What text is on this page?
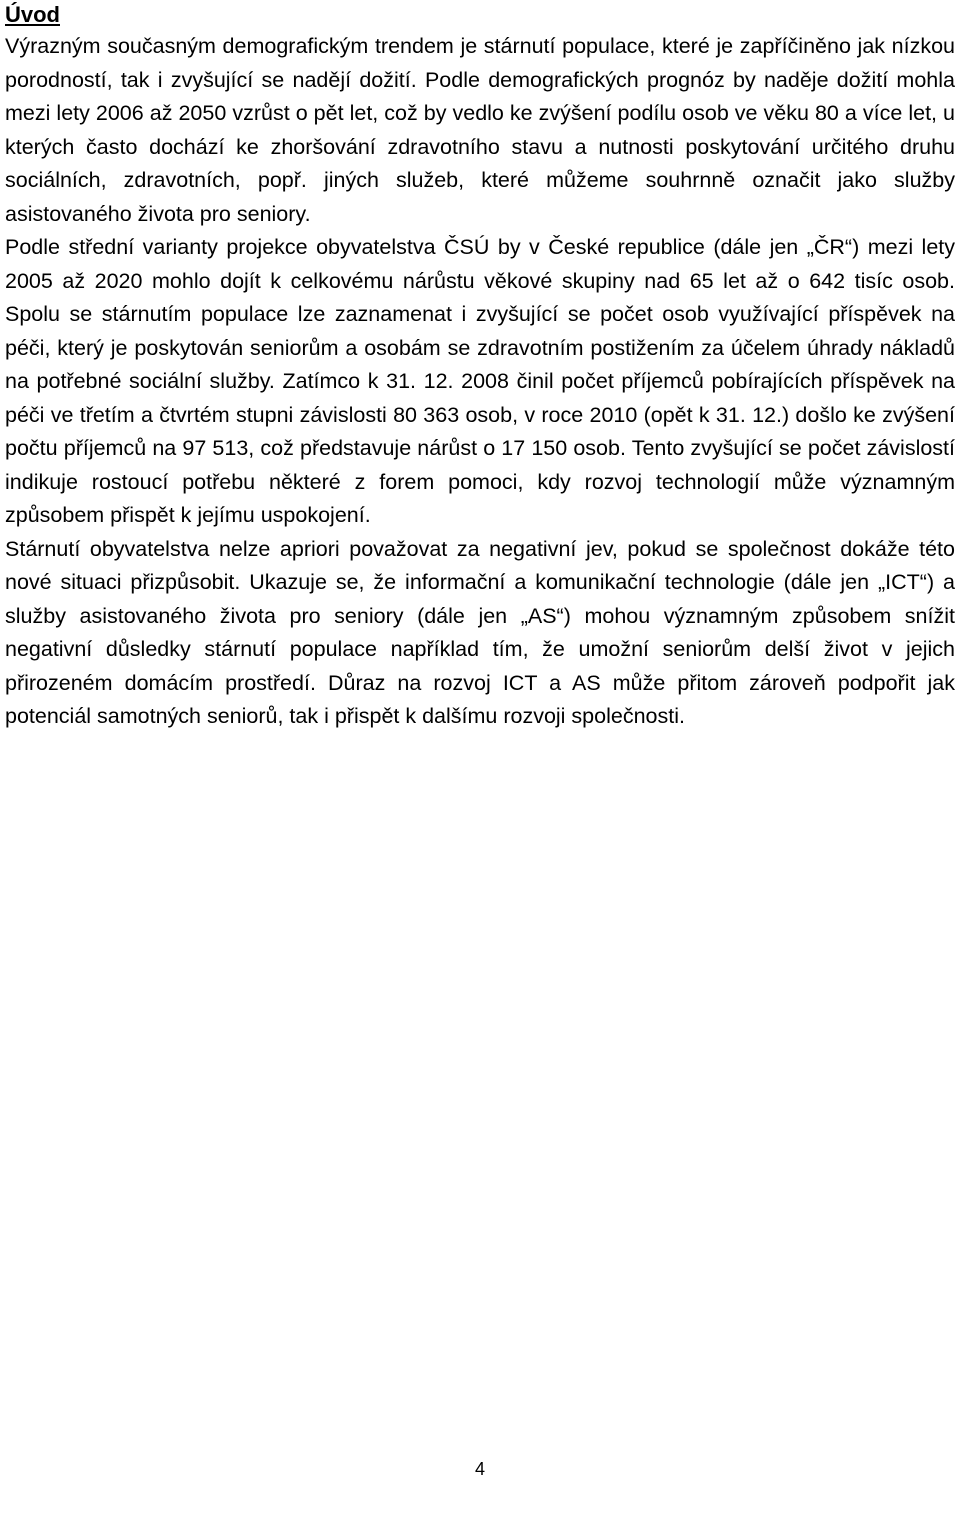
Úvod

Výrazným současným demografickým trendem je stárnutí populace, které je zapříčiněno jak nízkou porodností, tak i zvyšující se nadějí dožití. Podle demografických prognóz by naděje dožití mohla mezi lety 2006 až 2050 vzrůst o pět let, což by vedlo ke zvýšení podílu osob ve věku 80 a více let, u kterých často dochází ke zhoršování zdravotního stavu a nutnosti poskytování určitého druhu sociálních, zdravotních, popř. jiných služeb, které můžeme souhrnně označit jako služby asistovaného života pro seniory.

Podle střední varianty projekce obyvatelstva ČSÚ by v České republice (dále jen „ČR“) mezi lety 2005 až 2020 mohlo dojít k celkovému nárůstu věkové skupiny nad 65 let až o 642 tisíc osob. Spolu se stárnutím populace lze zaznamenat i zvyšující se počet osob využívající příspěvek na péči, který je poskytován seniorům a osobám se zdravotním postižením za účelem úhrady nákladů na potřebné sociální služby. Zatímco k 31. 12. 2008 činil počet příjemců pobírajících příspěvek na péči ve třetím a čtvrtém stupni závislosti 80 363 osob, v roce 2010 (opět k 31. 12.) došlo ke zvýšení počtu příjemců na 97 513, což představuje nárůst o 17 150 osob. Tento zvyšující se počet závislostí indikuje rostoucí potřebu některé z forem pomoci, kdy rozvoj technologií může významným způsobem přispět k jejímu uspokojení.

Stárnutí obyvatelstva nelze apriori považovat za negativní jev, pokud se společnost dokáže této nové situaci přizpůsobit. Ukazuje se, že informační a komunikační technologie (dále jen „ICT“) a služby asistovaného života pro seniory (dále jen „AS“) mohou významným způsobem snížit negativní důsledky stárnutí populace například tím, že umožní seniorům delší život v jejich přirozeném domácím prostředí. Důraz na rozvoj ICT a AS může přitom zároveň podpořit jak potenciál samotných seniorů, tak i přispět k dalšímu rozvoji společnosti.

4
